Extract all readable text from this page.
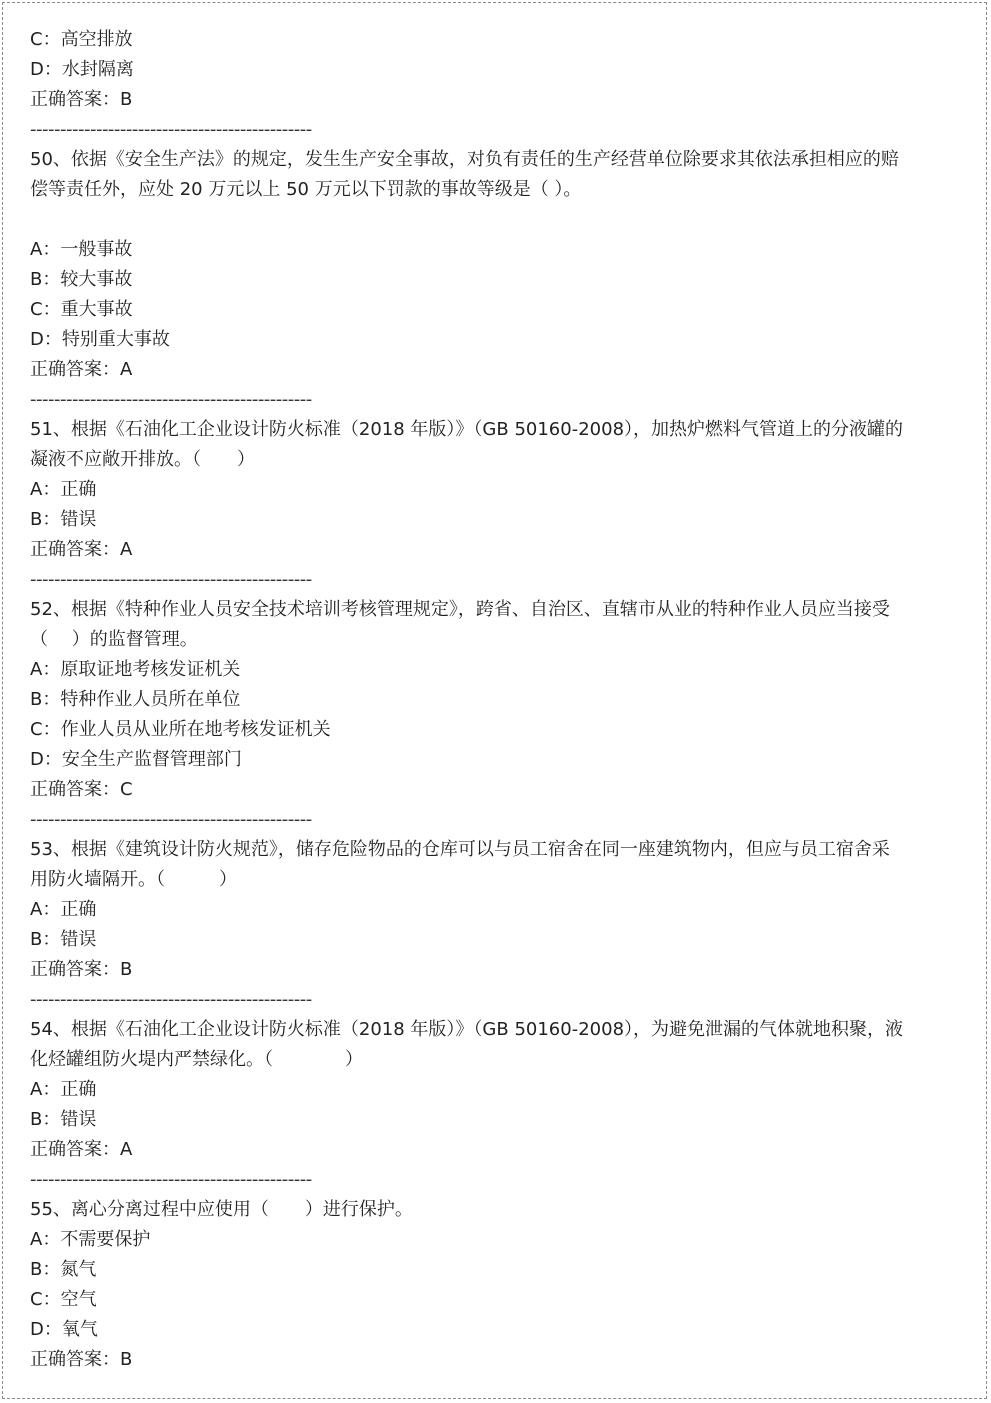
C：高空排放
D：水封隔离
正确答案：B
-----------------------------------------------
50、依据《安全生产法》的规定，发生生产安全事故，对负有责任的生产经营单位除要求其依法承担相应的赔
偿等责任外，应处 20 万元以上 50 万元以下罚款的事故等级是（ ）。
A：一般事故
B：较大事故
C：重大事故
D：特别重大事故
正确答案：A
-----------------------------------------------
51、根据《石油化工企业设计防火标准（2018 年版）》（GB 50160-2008），加热炉燃料气管道上的分液罐的
凝液不应敞开排放。（　　）
A：正确
B：错误
正确答案：A
-----------------------------------------------
52、根据《特种作业人员安全技术培训考核管理规定》，跨省、自治区、直辖市从业的特种作业人员应当接受
（　 ）的监督管理。
A：原取证地考核发证机关
B：特种作业人员所在单位
C：作业人员从业所在地考核发证机关
D：安全生产监督管理部门
正确答案：C
-----------------------------------------------
53、根据《建筑设计防火规范》，储存危险物品的仓库可以与员工宿舍在同一座建筑物内，但应与员工宿舍采
用防火墙隔开。（　　　）
A：正确
B：错误
正确答案：B
-----------------------------------------------
54、根据《石油化工企业设计防火标准（2018 年版）》（GB 50160-2008），为避免泄漏的气体就地积聚，液
化烃罐组防火堤内严禁绿化。（　　　　）
A：正确
B：错误
正确答案：A
-----------------------------------------------
55、离心分离过程中应使用（　　）进行保护。
A：不需要保护
B：氮气
C：空气
D：氧气
正确答案：B
